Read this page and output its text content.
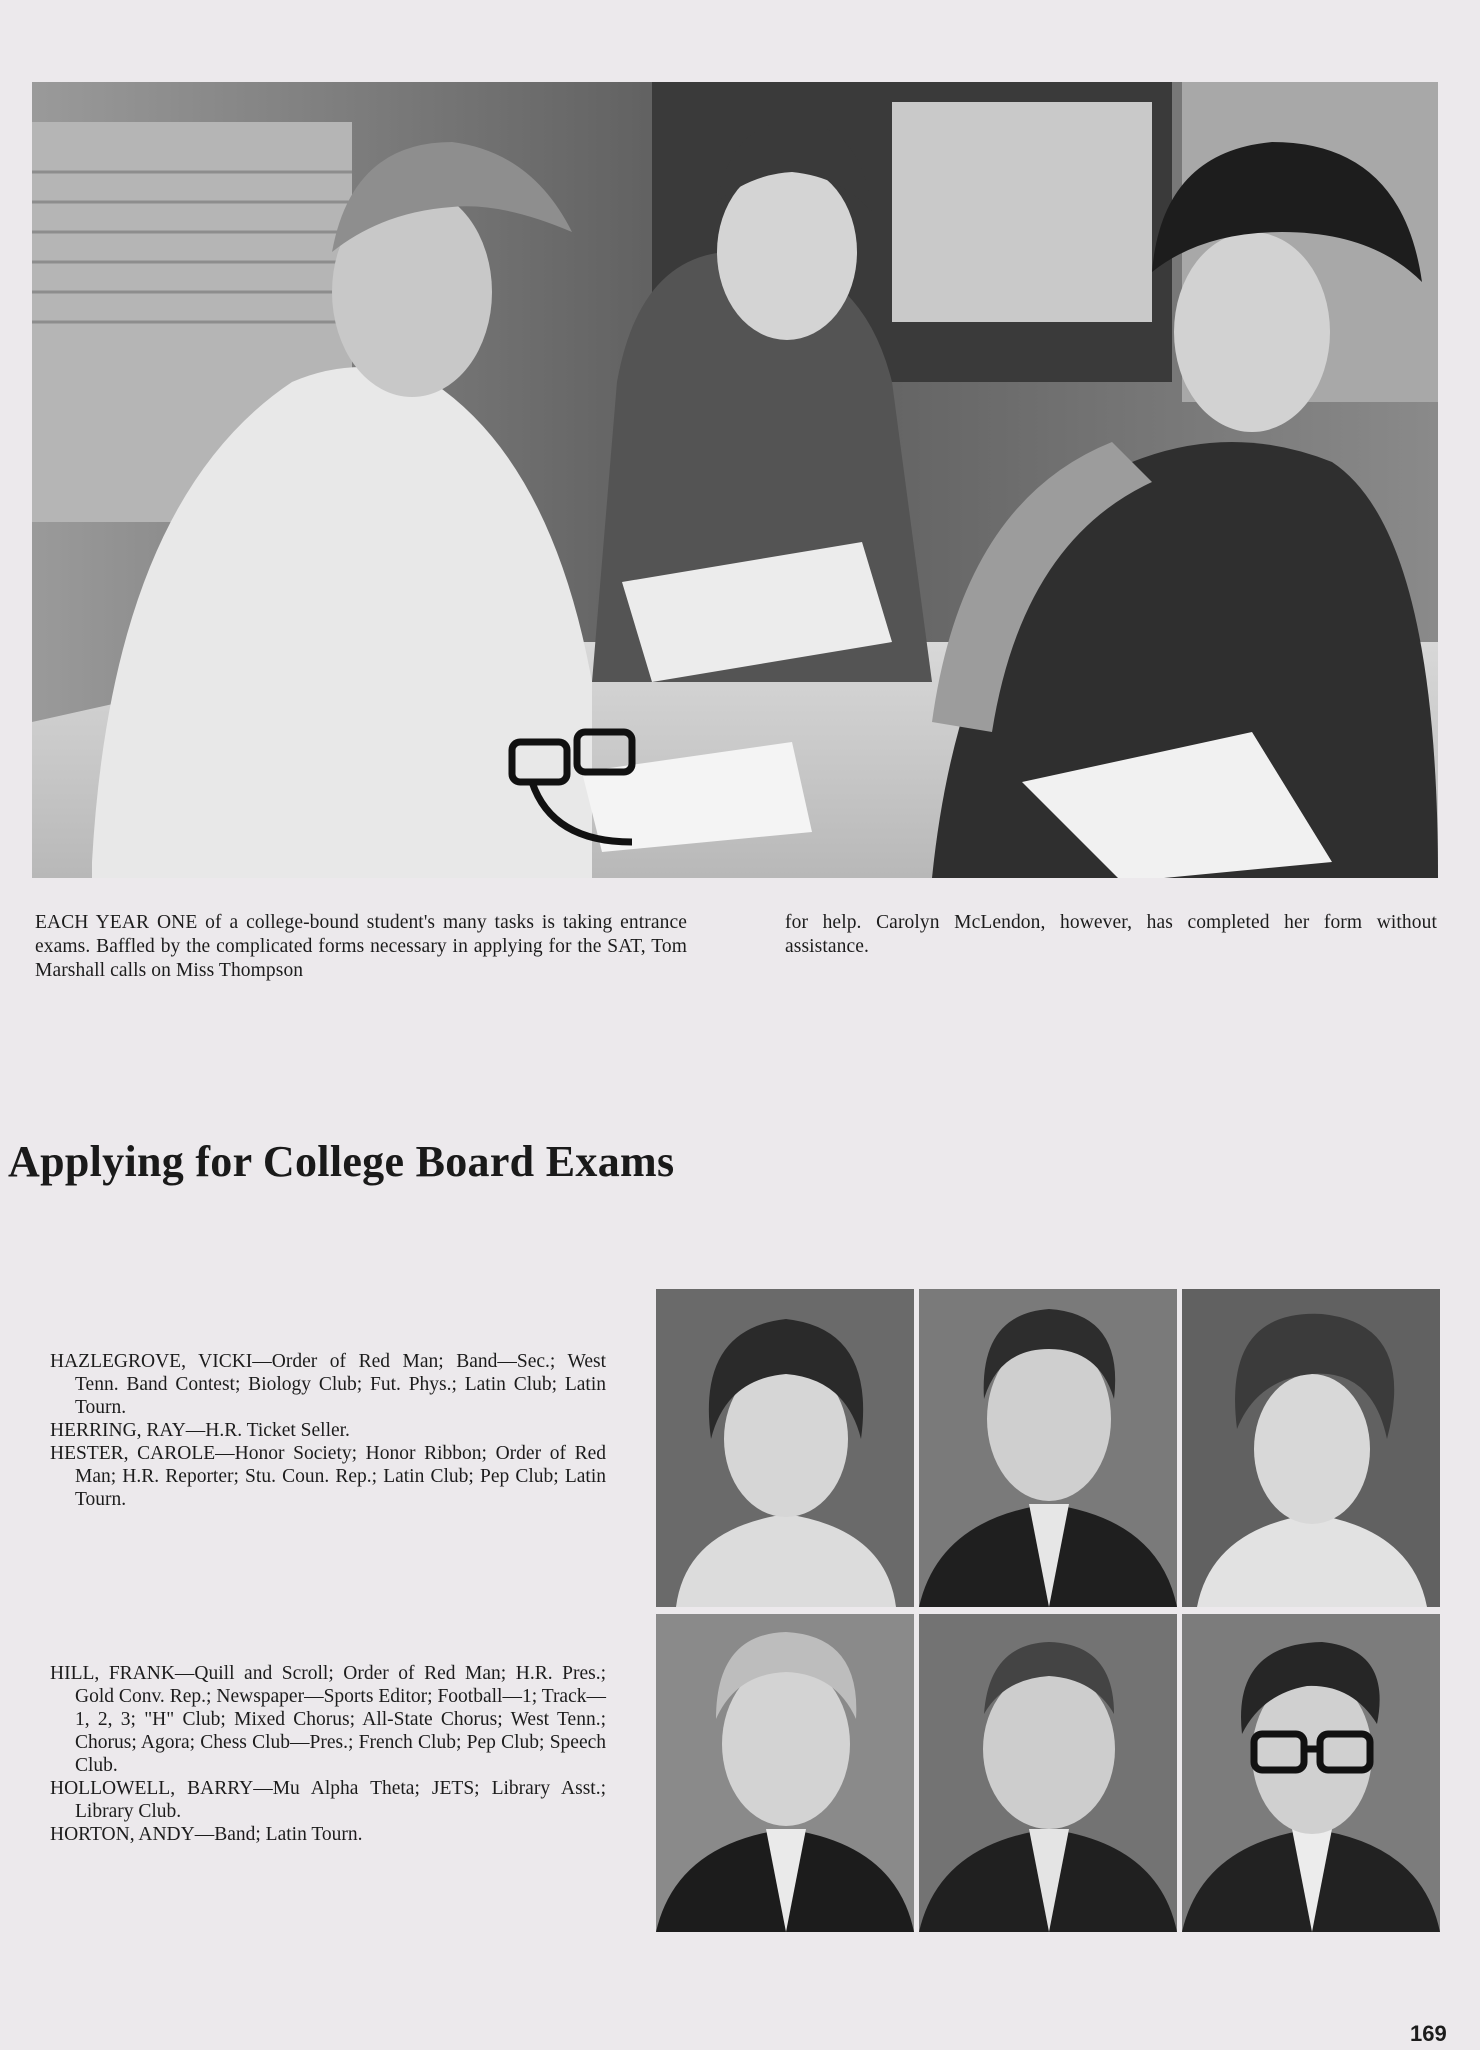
EACH YEAR ONE of a college-bound student's many tasks is taking entrance exams. Baffled by the complicated forms necessary in applying for the SAT, Tom Marshall calls on Miss Thompson
for help. Carolyn McLendon, however, has completed her form without assistance.
Applying for College Board Exams
HAZLEGROVE, VICKI—Order of Red Man; Band—Sec.; West Tenn. Band Contest; Biology Club; Fut. Phys.; Latin Club; Latin Tourn.
HERRING, RAY—H.R. Ticket Seller.
HESTER, CAROLE—Honor Society; Honor Ribbon; Order of Red Man; H.R. Reporter; Stu. Coun. Rep.; Latin Club; Pep Club; Latin Tourn.
HILL, FRANK—Quill and Scroll; Order of Red Man; H.R. Pres.; Gold Conv. Rep.; Newspaper—Sports Editor; Football—1; Track—1, 2, 3; "H" Club; Mixed Chorus; All-State Chorus; West Tenn.; Chorus; Agora; Chess Club—Pres.; French Club; Pep Club; Speech Club.
HOLLOWELL, BARRY—Mu Alpha Theta; JETS; Library Asst.; Library Club.
HORTON, ANDY—Band; Latin Tourn.
169
